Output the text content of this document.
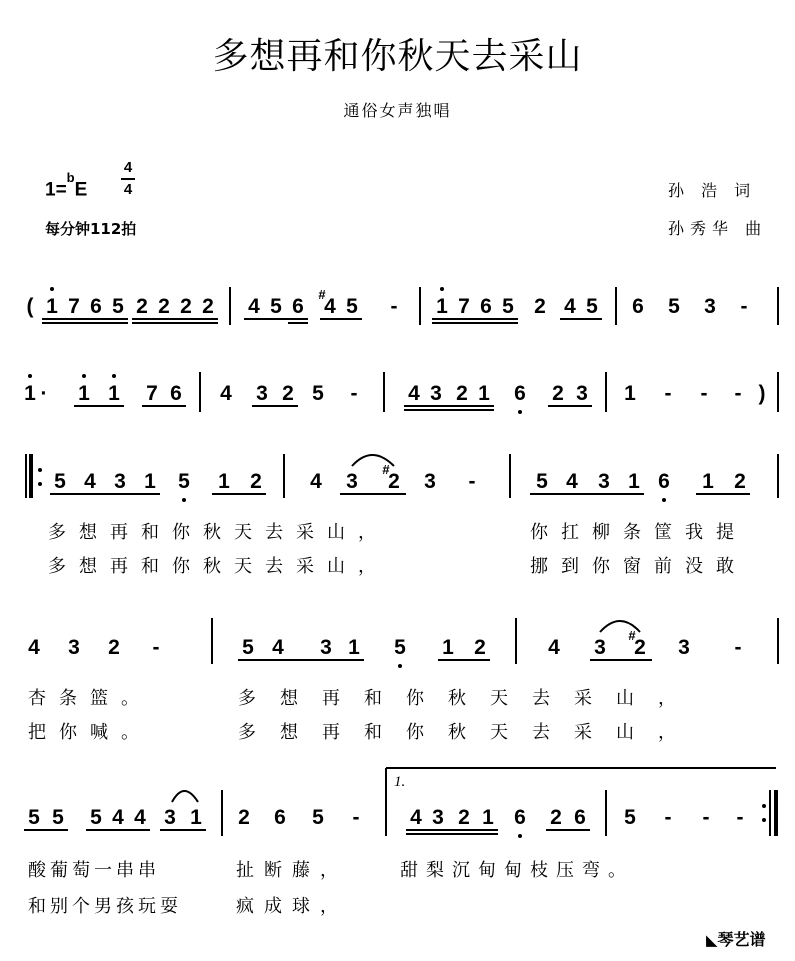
多想再和你秋天去采山
通俗女声独唱
1=$^b$E
4
4
每分钟112拍
孙 浩 词
孙秀华 曲
( 1 7 6 5 2 2 2 2 4 5 6
#
4 5 - 1 7 6 5 2 4 5 6 5 3 -
1 · 1 1 7 6 4 3 2 5 - 4 3 2 1 6 2 3 1 - - - )
5 4 3 1 5 1 2 4 3
#
2 3 -	5 4 3 1 6 1 2
多想再和你秋天去采山，	你扛柳条筐我提
多想再和你秋天去采山，	挪到你窗前没敢
4 3 2 -	5 4 3 1 5 1 2	4 3
#
2 3 -
杏条篮。	多想再和你秋天去采山，
把你喊。	多想再和你秋天去采山，
1.
5 5 5 4 4 3 1 2 6 5 - 4 3 2 1 6 2 6 5 - - -
酸葡萄一串串	扯断藤，	甜梨沉甸甸枝压弯。
和别个男孩玩耍	疯成球，
◣琴艺谱
